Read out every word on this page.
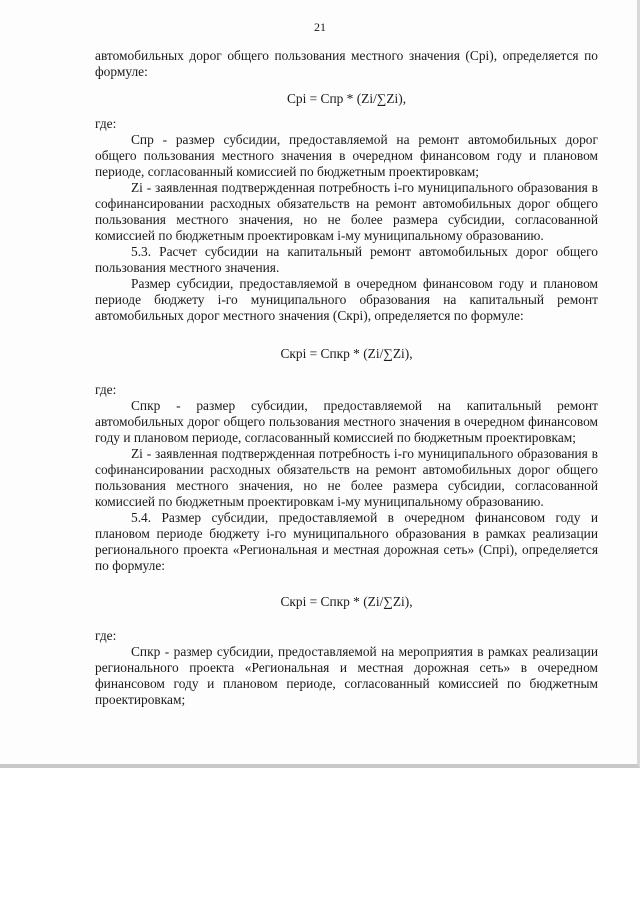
21

автомобильных дорог общего пользования местного значения (Cpi), определяется по формуле:

Cpi = Спр * (Zi/∑Zi),

где:

Спр - размер субсидии, предоставляемой на ремонт автомобильных дорог общего пользования местного значения в очередном финансовом году и плановом периоде, согласованный комиссией по бюджетным проектировкам;

Zi - заявленная подтвержденная потребность i-го муниципального образования в софинансировании расходных обязательств на ремонт автомобильных дорог общего пользования местного значения, но не более размера субсидии, согласованной комиссией по бюджетным проектировкам i-му муниципальному образованию.

5.3. Расчет субсидии на капитальный ремонт автомобильных дорог общего пользования местного значения.

Размер субсидии, предоставляемой в очередном финансовом году и плановом периоде бюджету i-го муниципального образования на капитальный ремонт автомобильных дорог местного значения (Cкpi), определяется по формуле:

Cкpi = Спкр * (Zi/∑Zi),

где:

Спкр - размер субсидии, предоставляемой на капитальный ремонт автомобильных дорог общего пользования местного значения в очередном финансовом году и плановом периоде, согласованный комиссией по бюджетным проектировкам;

Zi - заявленная подтвержденная потребность i-го муниципального образования в софинансировании расходных обязательств на ремонт автомобильных дорог общего пользования местного значения, но не более размера субсидии, согласованной комиссией по бюджетным проектировкам i-му муниципальному образованию.

5.4. Размер субсидии, предоставляемой в очередном финансовом году и плановом периоде бюджету i-го муниципального образования в рамках реализации регионального проекта «Региональная и местная дорожная сеть» (Cпpi), определяется по формуле:

Cкpi = Спкр * (Zi/∑Zi),

где:

Спкр - размер субсидии, предоставляемой на мероприятия в рамках реализации регионального проекта «Региональная и местная дорожная сеть» в очередном финансовом году и плановом периоде, согласованный комиссией по бюджетным проектировкам;
